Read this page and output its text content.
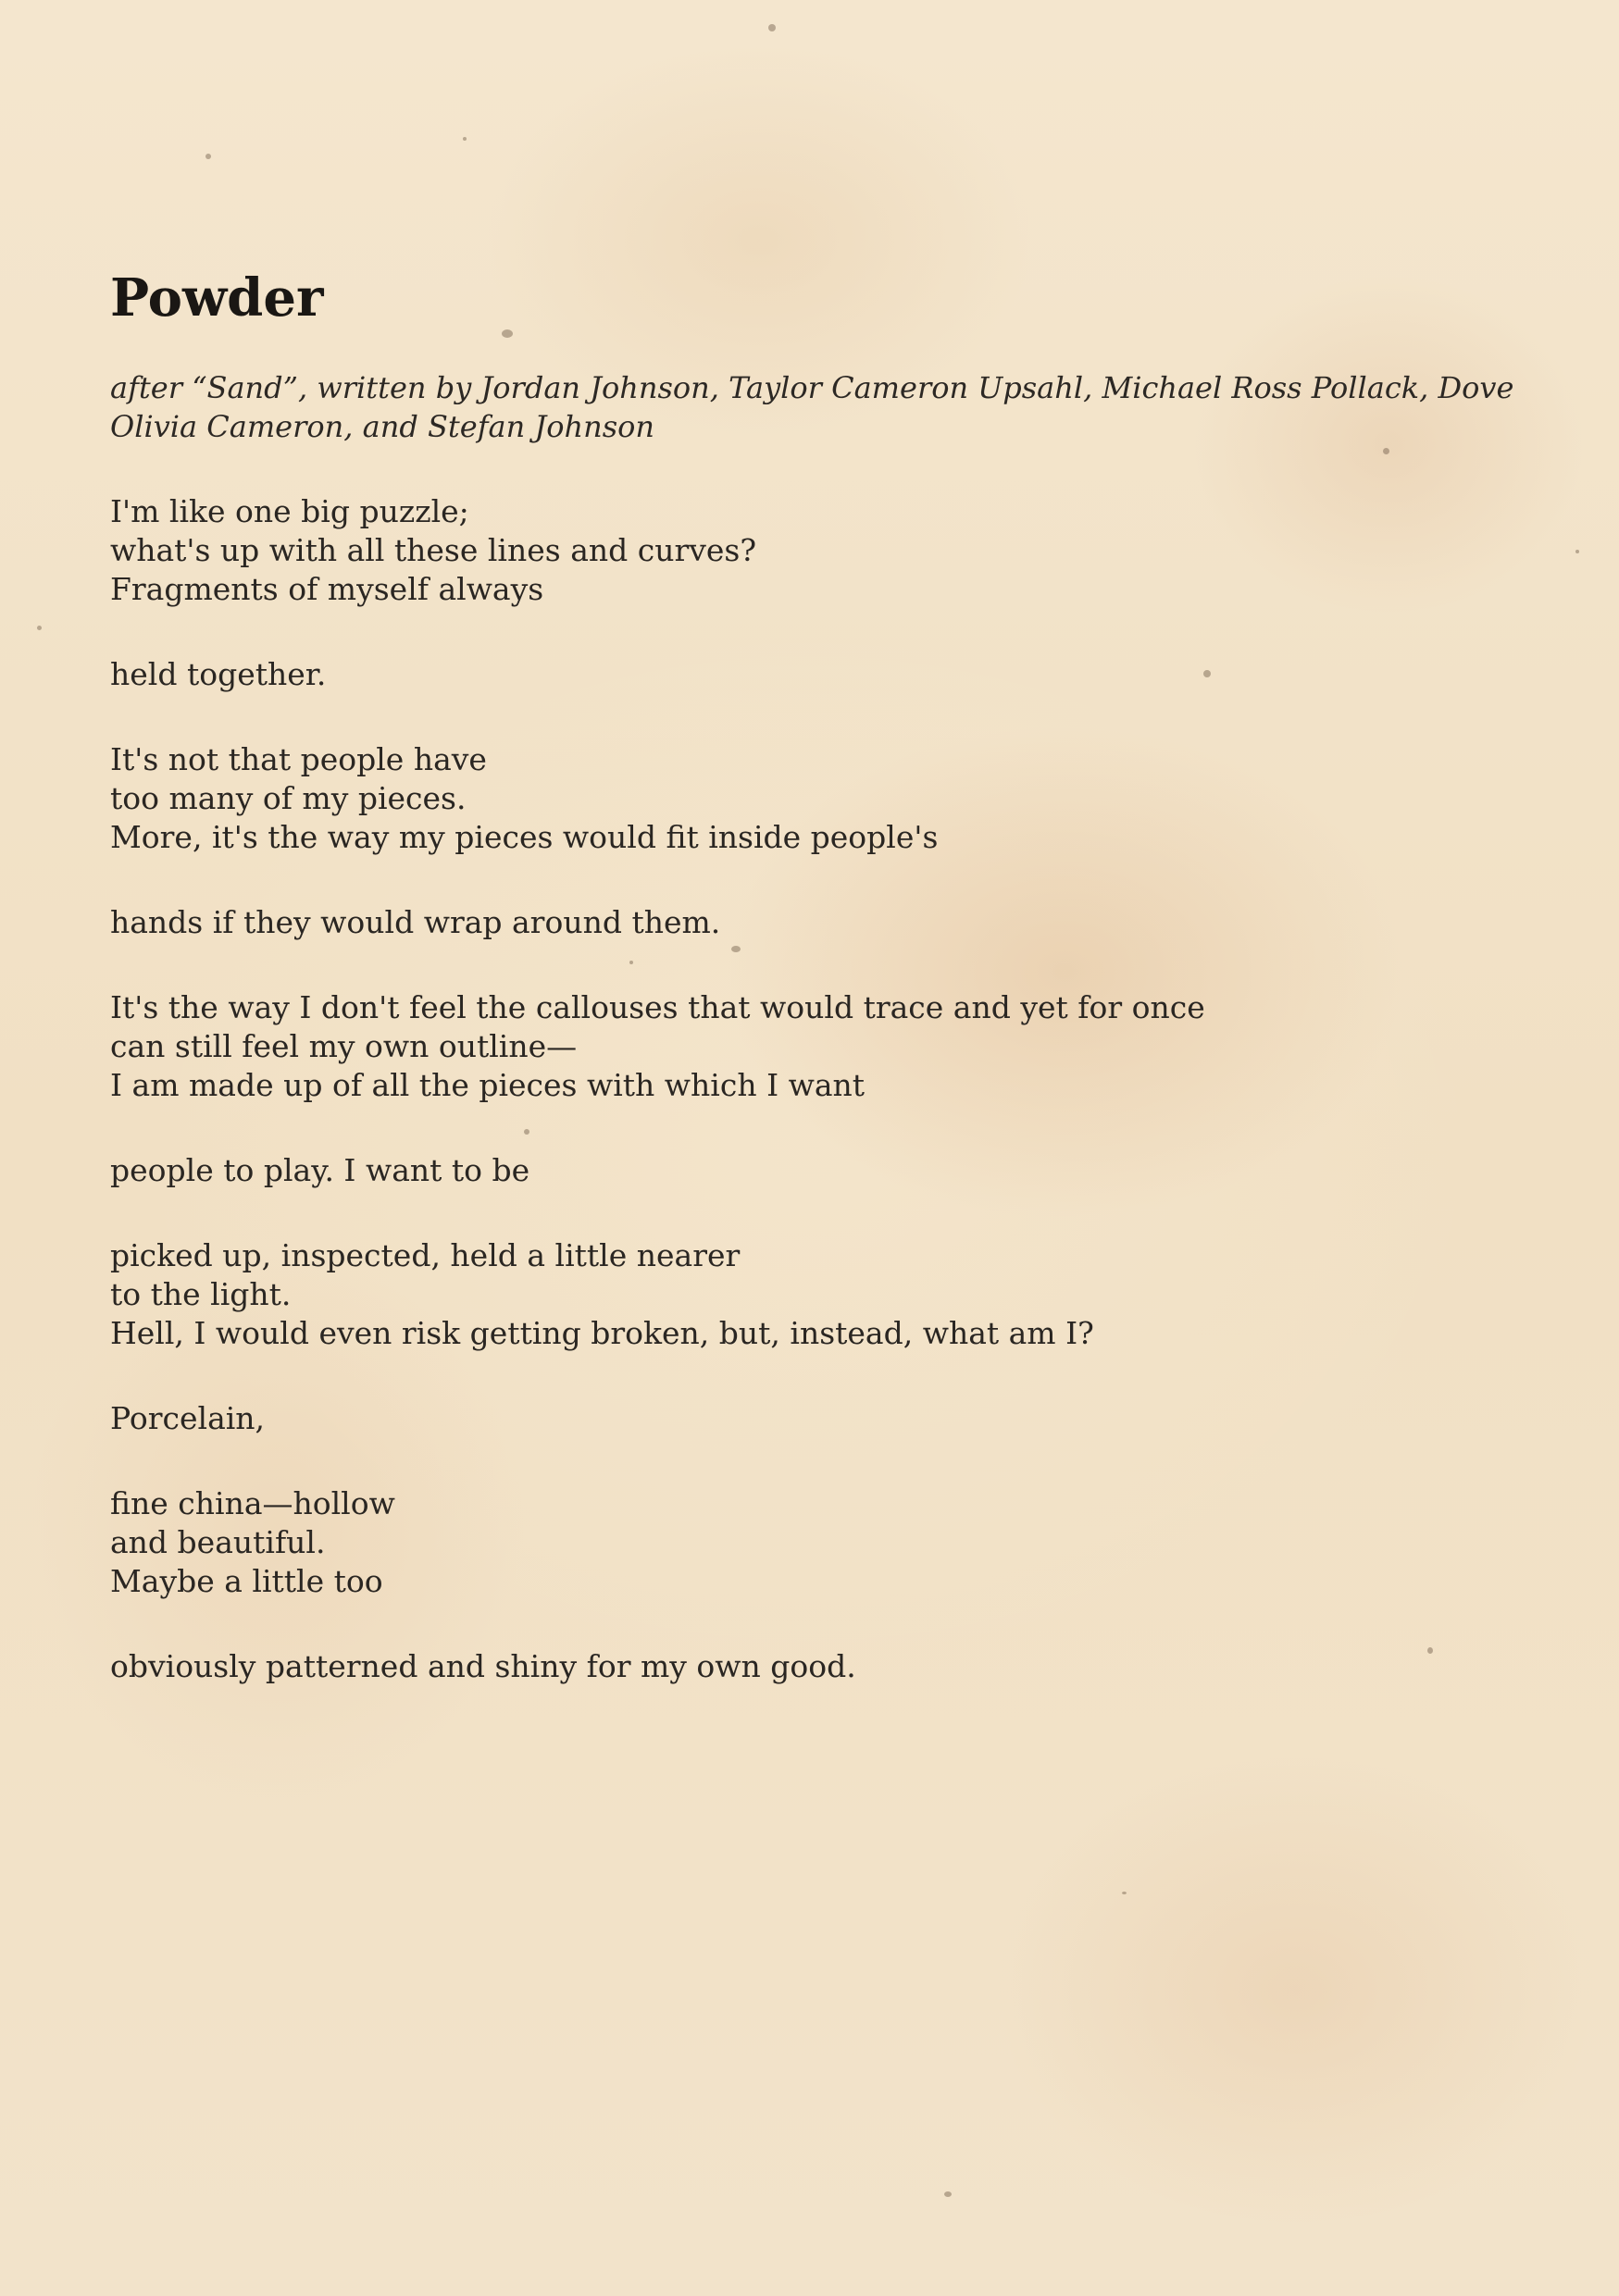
Powder

after “Sand”, written by Jordan Johnson, Taylor Cameron Upsahl, Michael Ross Pollack, Dove Olivia Cameron, and Stefan Johnson

I'm like one big puzzle;
what's up with all these lines and curves?
Fragments of myself always

held together.

It's not that people have
too many of my pieces.
More, it's the way my pieces would fit inside people's

hands if they would wrap around them.

It's the way I don't feel the callouses that would trace and yet for once
can still feel my own outline—
I am made up of all the pieces with which I want

people to play. I want to be

picked up, inspected, held a little nearer
to the light.
Hell, I would even risk getting broken, but, instead, what am I?

Porcelain,

fine china—hollow
and beautiful.
Maybe a little too

obviously patterned and shiny for my own good.
